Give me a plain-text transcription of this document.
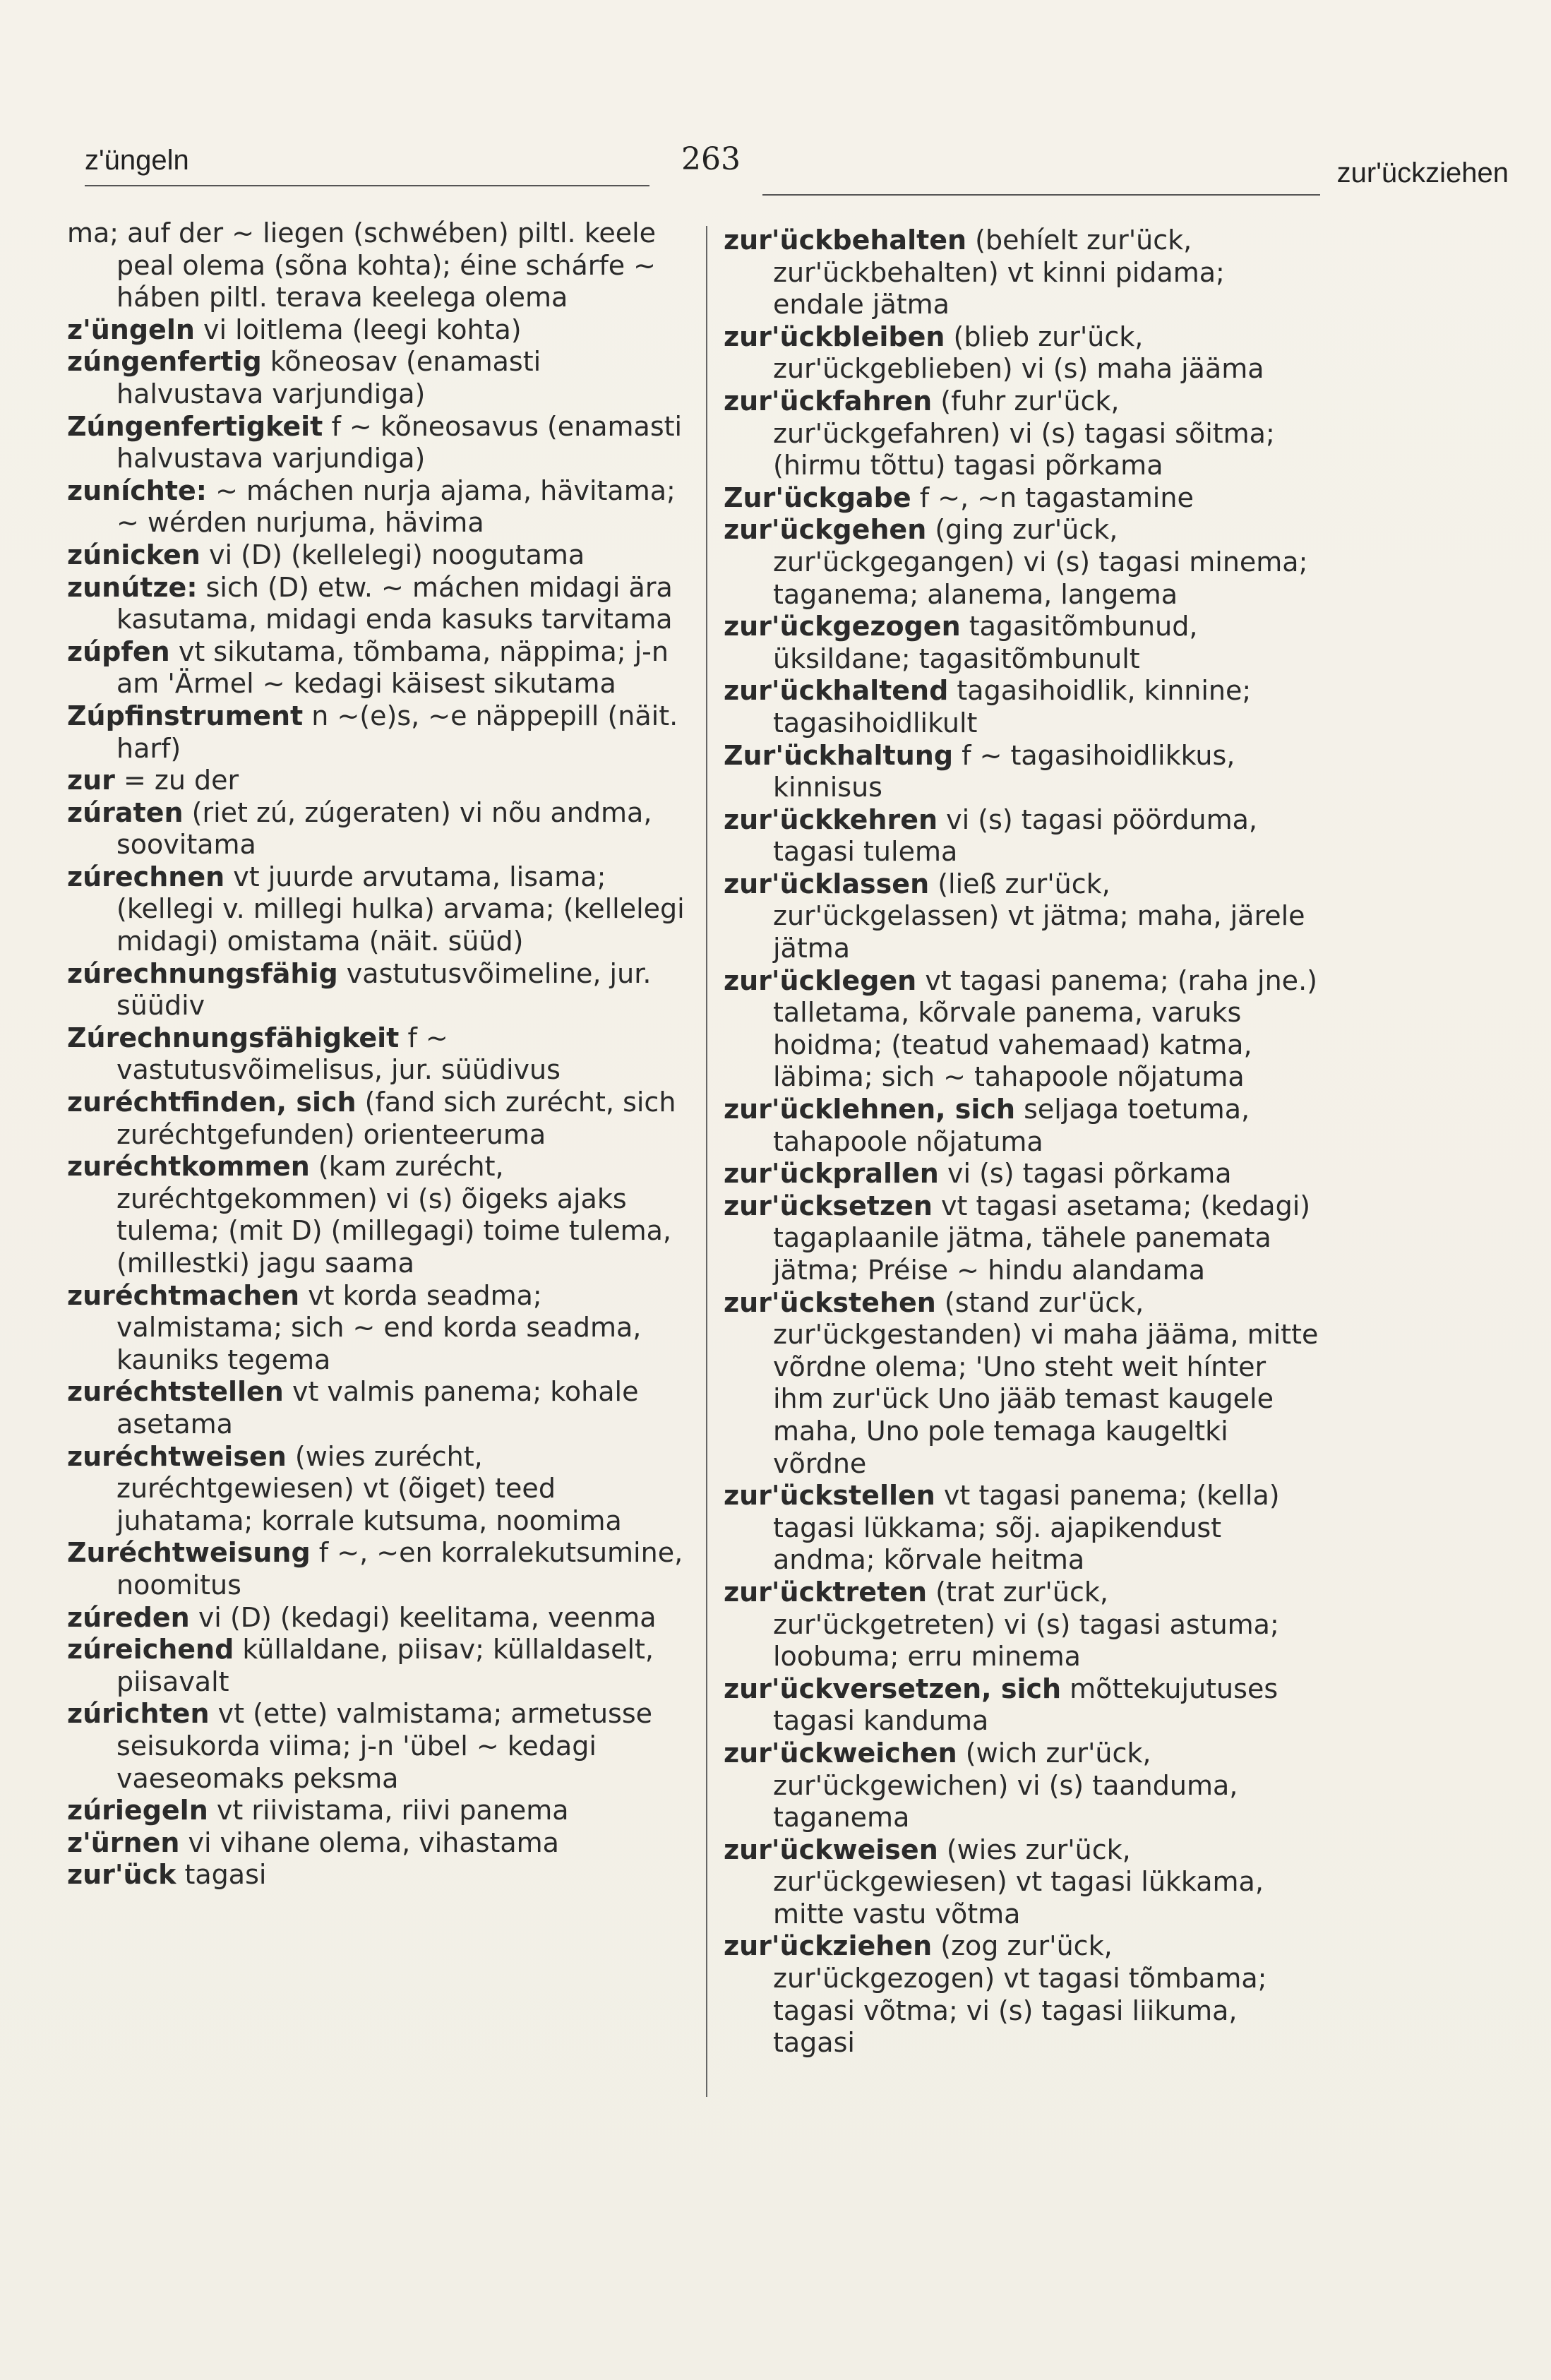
z'üngeln	263	zur'ückziehen

ma; auf der ~ liegen (schwében) piltl. keele peal olema (sõna kohta); éine schárfe ~ háben piltl. terava keelega olema

z'üngeln vi loitlema (leegi kohta)

zúngenfertig kõneosav (enamasti halvustava varjundiga)

Zúngenfertigkeit f ~ kõneosavus (enamasti halvustava varjundiga)

zuníchte: ~ máchen nurja ajama, hävitama; ~ wérden nurjuma, hävima

zúnicken vi (D) (kellelegi) noogutama

zunútze: sich (D) etw. ~ máchen midagi ära kasutama, midagi enda kasuks tarvitama

zúpfen vt sikutama, tõmbama, näppima; j-n am 'Ärmel ~ kedagi käisest sikutama

Zúpfinstrument n ~(e)s, ~e näppepill (näit. harf)

zur = zu der

zúraten (riet zú, zúgeraten) vi nõu andma, soovitama

zúrechnen vt juurde arvutama, lisama; (kellegi v. millegi hulka) arvama; (kellelegi midagi) omistama (näit. süüd)

zúrechnungsfähig vastutusvõimeline, jur. süüdiv

Zúrechnungsfähigkeit f ~ vastutusvõimelisus, jur. süüdivus

zuréchtfinden, sich (fand sich zurécht, sich zuréchtgefunden) orienteeruma

zuréchtkommen (kam zurécht, zuréchtgekommen) vi (s) õigeks ajaks tulema; (mit D) (millegagi) toime tulema, (millestki) jagu saama

zuréchtmachen vt korda seadma; valmistama; sich ~ end korda seadma, kauniks tegema

zuréchtstellen vt valmis panema; kohale asetama

zuréchtweisen (wies zurécht, zuréchtgewiesen) vt (õiget) teed juhatama; korrale kutsuma, noomima

Zuréchtweisung f ~, ~en korralekutsumine, noomitus

zúreden vi (D) (kedagi) keelitama, veenma

zúreichend küllaldane, piisav; küllaldaselt, piisavalt

zúrichten vt (ette) valmistama; armetusse seisukorda viima; j-n 'übel ~ kedagi vaeseomaks peksma

zúriegeln vt riivistama, riivi panema

z'ürnen vi vihane olema, vihastama

zur'ück tagasi

zur'ückbehalten (behíelt zur'ück, zur'ückbehalten) vt kinni pidama; endale jätma

zur'ückbleiben (blieb zur'ück, zur'ückgeblieben) vi (s) maha jääma

zur'ückfahren (fuhr zur'ück, zur'ückgefahren) vi (s) tagasi sõitma; (hirmu tõttu) tagasi põrkama

Zur'ückgabe f ~, ~n tagastamine

zur'ückgehen (ging zur'ück, zur'ückgegangen) vi (s) tagasi minema; taganema; alanema, langema

zur'ückgezogen tagasitõmbunud, üksildane; tagasitõmbunult

zur'ückhaltend tagasihoidlik, kinnine; tagasihoidlikult

Zur'ückhaltung f ~ tagasihoidlikkus, kinnisus

zur'ückkehren vi (s) tagasi pöörduma, tagasi tulema

zur'ücklassen (ließ zur'ück, zur'ückgelassen) vt jätma; maha, järele jätma

zur'ücklegen vt tagasi panema; (raha jne.) talletama, kõrvale panema, varuks hoidma; (teatud vahemaad) katma, läbima; sich ~ tahapoole nõjatuma

zur'ücklehnen, sich seljaga toetuma, tahapoole nõjatuma

zur'ückprallen vi (s) tagasi põrkama

zur'ücksetzen vt tagasi asetama; (kedagi) tagaplaanile jätma, tähele panemata jätma; Préise ~ hindu alandama

zur'ückstehen (stand zur'ück, zur'ückgestanden) vi maha jääma, mitte võrdne olema; 'Uno steht weit hínter ihm zur'ück Uno jääb temast kaugele maha, Uno pole temaga kaugeltki võrdne

zur'ückstellen vt tagasi panema; (kella) tagasi lükkama; sõj. ajapikendust andma; kõrvale heitma

zur'ücktreten (trat zur'ück, zur'ückgetreten) vi (s) tagasi astuma; loobuma; erru minema

zur'ückversetzen, sich mõttekujutuses tagasi kanduma

zur'ückweichen (wich zur'ück, zur'ückgewichen) vi (s) taanduma, taganema

zur'ückweisen (wies zur'ück, zur'ückgewiesen) vt tagasi lükkama, mitte vastu võtma

zur'ückziehen (zog zur'ück, zur'ückgezogen) vt tagasi tõmbama; tagasi võtma; vi (s) tagasi liikuma, tagasi
